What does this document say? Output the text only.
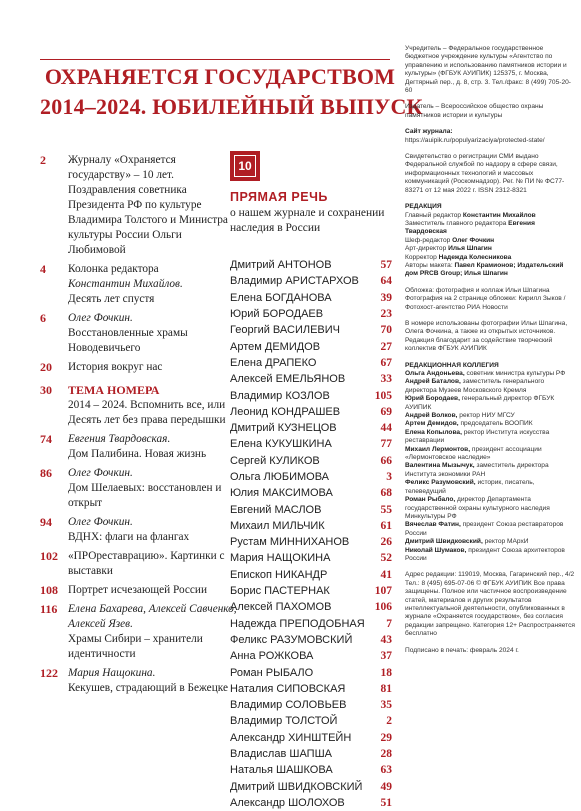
ОХРАНЯЕТСЯ ГОСУДАРСТВОМ
2014–2024. ЮБИЛЕЙНЫЙ ВЫПУСК
2	Журналу «Охраняется государству» – 10 лет.
Поздравления советника Президента РФ по культуре Владимира Толстого и Министра культуры России Ольги Любимовой
4	Колонка редактора
Константин Михайлов.
Десять лет спустя
6	Олег Фочкин.
Восстановленные храмы Новодевичьего
20	История вокруг нас
30	ТЕМА НОМЕРА
2014 – 2024. Вспомнить все, или Десять лет без права передышки
74	Евгения Твардовская.
Дом Палибина. Новая жизнь
86	Олег Фочкин.
Дом Шелаевых: восстановлен и открыт
94	Олег Фочкин.
ВДНХ: флаги на флангах
102 «ПРОреставрацию». Картинки с выставки
108 Портрет исчезающей России
116 Елена Бахарева, Алексей Савченко, Алексей Язев.
Храмы Сибири – хранители идентичности
122 Мария Нащокина.
Кекушев, страдающий в Бежецке
10
ПРЯМАЯ РЕЧЬ
о нашем журнале и сохранении наследия в России
Дмитрий АНТОНОВ	57
Владимир АРИСТАРХОВ 64
Елена БОГДАНОВА	39
Юрий БОРОДАЕВ	23
Георгий ВАСИЛЕВИЧ	70
Артем ДЕМИДОВ	27
Елена ДРАПЕКО	67
Алексей ЕМЕЛЬЯНОВ	33
Владимир КОЗЛОВ	105
Леонид КОНДРАШЕВ	69
Дмитрий КУЗНЕЦОВ	44
Елена КУКУШКИНА	77
Сергей КУЛИКОВ	66
Ольга ЛЮБИМОВА	3
Юлия МАКСИМОВА	68
Евгений МАСЛОВ	55
Михаил МИЛЬЧИК	61
Рустам МИННИХАНОВ	26
Мария НАЩОКИНА	52
Епископ НИКАНДР	41
Борис ПАСТЕРНАК	107
Алексей ПАХОМОВ	106
Надежда ПРЕПОДОБНАЯ 7
Феликс РАЗУМОВСКИЙ 43
Анна РОЖКОВА	37
Роман РЫБАЛО	18
Наталия СИПОВСКАЯ	81
Владимир СОЛОВЬЕВ	35
Владимир ТОЛСТОЙ	2
Александр ХИНШТЕЙН	29
Владислав ШАПША	28
Наталья ШАШКОВА	63
Дмитрий ШВИДКОВСКИЙ 49
Александр ШОЛОХОВ	51
Учредитель – Федеральное государственное бюджетное учреждение культуры «Агентство по управлению и использованию памятников истории и культуры» (ФГБУК АУИПИК) 125375, г. Москва, Дегтярный пер., д. 8, стр. 3. Тел./факс: 8 (499) 705-20-60
Издатель – Всероссийское общество охраны памятников истории и культуры
Сайт журнала:
https://auipik.ru/populyarizaciya/protected-state/
Свидетельство о регистрации СМИ выдано Федеральной службой по надзору в сфере связи, информационных технологий и массовых коммуникаций (Роскомнадзор). Рег. № ПИ № ФС77-83271 от 12 мая 2022 г. ISSN 2312-8321
РЕДАКЦИЯ
Главный редактор Константин Михайлов
Заместитель главного редактора Евгения Твардовская
Шеф-редактор Олег Фочкин
Арт-директор Илья Шпагин
Корректор Надежда Колесникова
Авторы макета: Павел Крамионов; Издательский дом PRCB Group; Илья Шпагин
Обложка: фотография и коллаж Ильи Шпагина Фотография на 2 странице обложки: Кирилл Зыков / Фотохост-агентство РИА Новости
В номере использованы фотографии Ильи Шпагина, Олега Фочкина, а также из открытых источников. Редакция благодарит за содействие творческий коллектив ФГБУК АУИПИК
РЕДАКЦИОННАЯ КОЛЛЕГИЯ
Ольга Андоньева, советник министра культуры РФ
Андрей Баталов, заместитель генерального директора Музеев Московского Кремля
Юрий Бородаев, генеральный директор ФГБУК АУИПИК
Андрей Волков, ректор НИУ МГСУ
Артем Демидов, председатель ВООПИК
Елена Копылова, ректор Института искусства реставрации
Михаил Лермонтов, президент ассоциации «Лермонтовское наследие»
Валентина Мызычук, заместитель директора Института экономики РАН
Феликс Разумовский, историк, писатель, телеведущий
Роман Рыбало, директор Департамента государственной охраны культурного наследия Минкультуры РФ
Вячеслав Фатин, президент Союза реставраторов России
Дмитрий Швидковский, ректор МАрхИ
Николай Шумаков, президент Союза архитекторов России
Адрес редакции: 119019, Москва, Гагаринский пер., 4/2 Тел.: 8 (495) 695-07-06 © ФГБУК АУИПИК Все права защищены. Полное или частичное воспроизведение статей, материалов и других результатов интеллектуальной деятельности, опубликованных в журнале «Охраняется государством», без согласия редакции запрещено. Категория 12+ Распространяется бесплатно
Подписано в печать: февраль 2024 г.
